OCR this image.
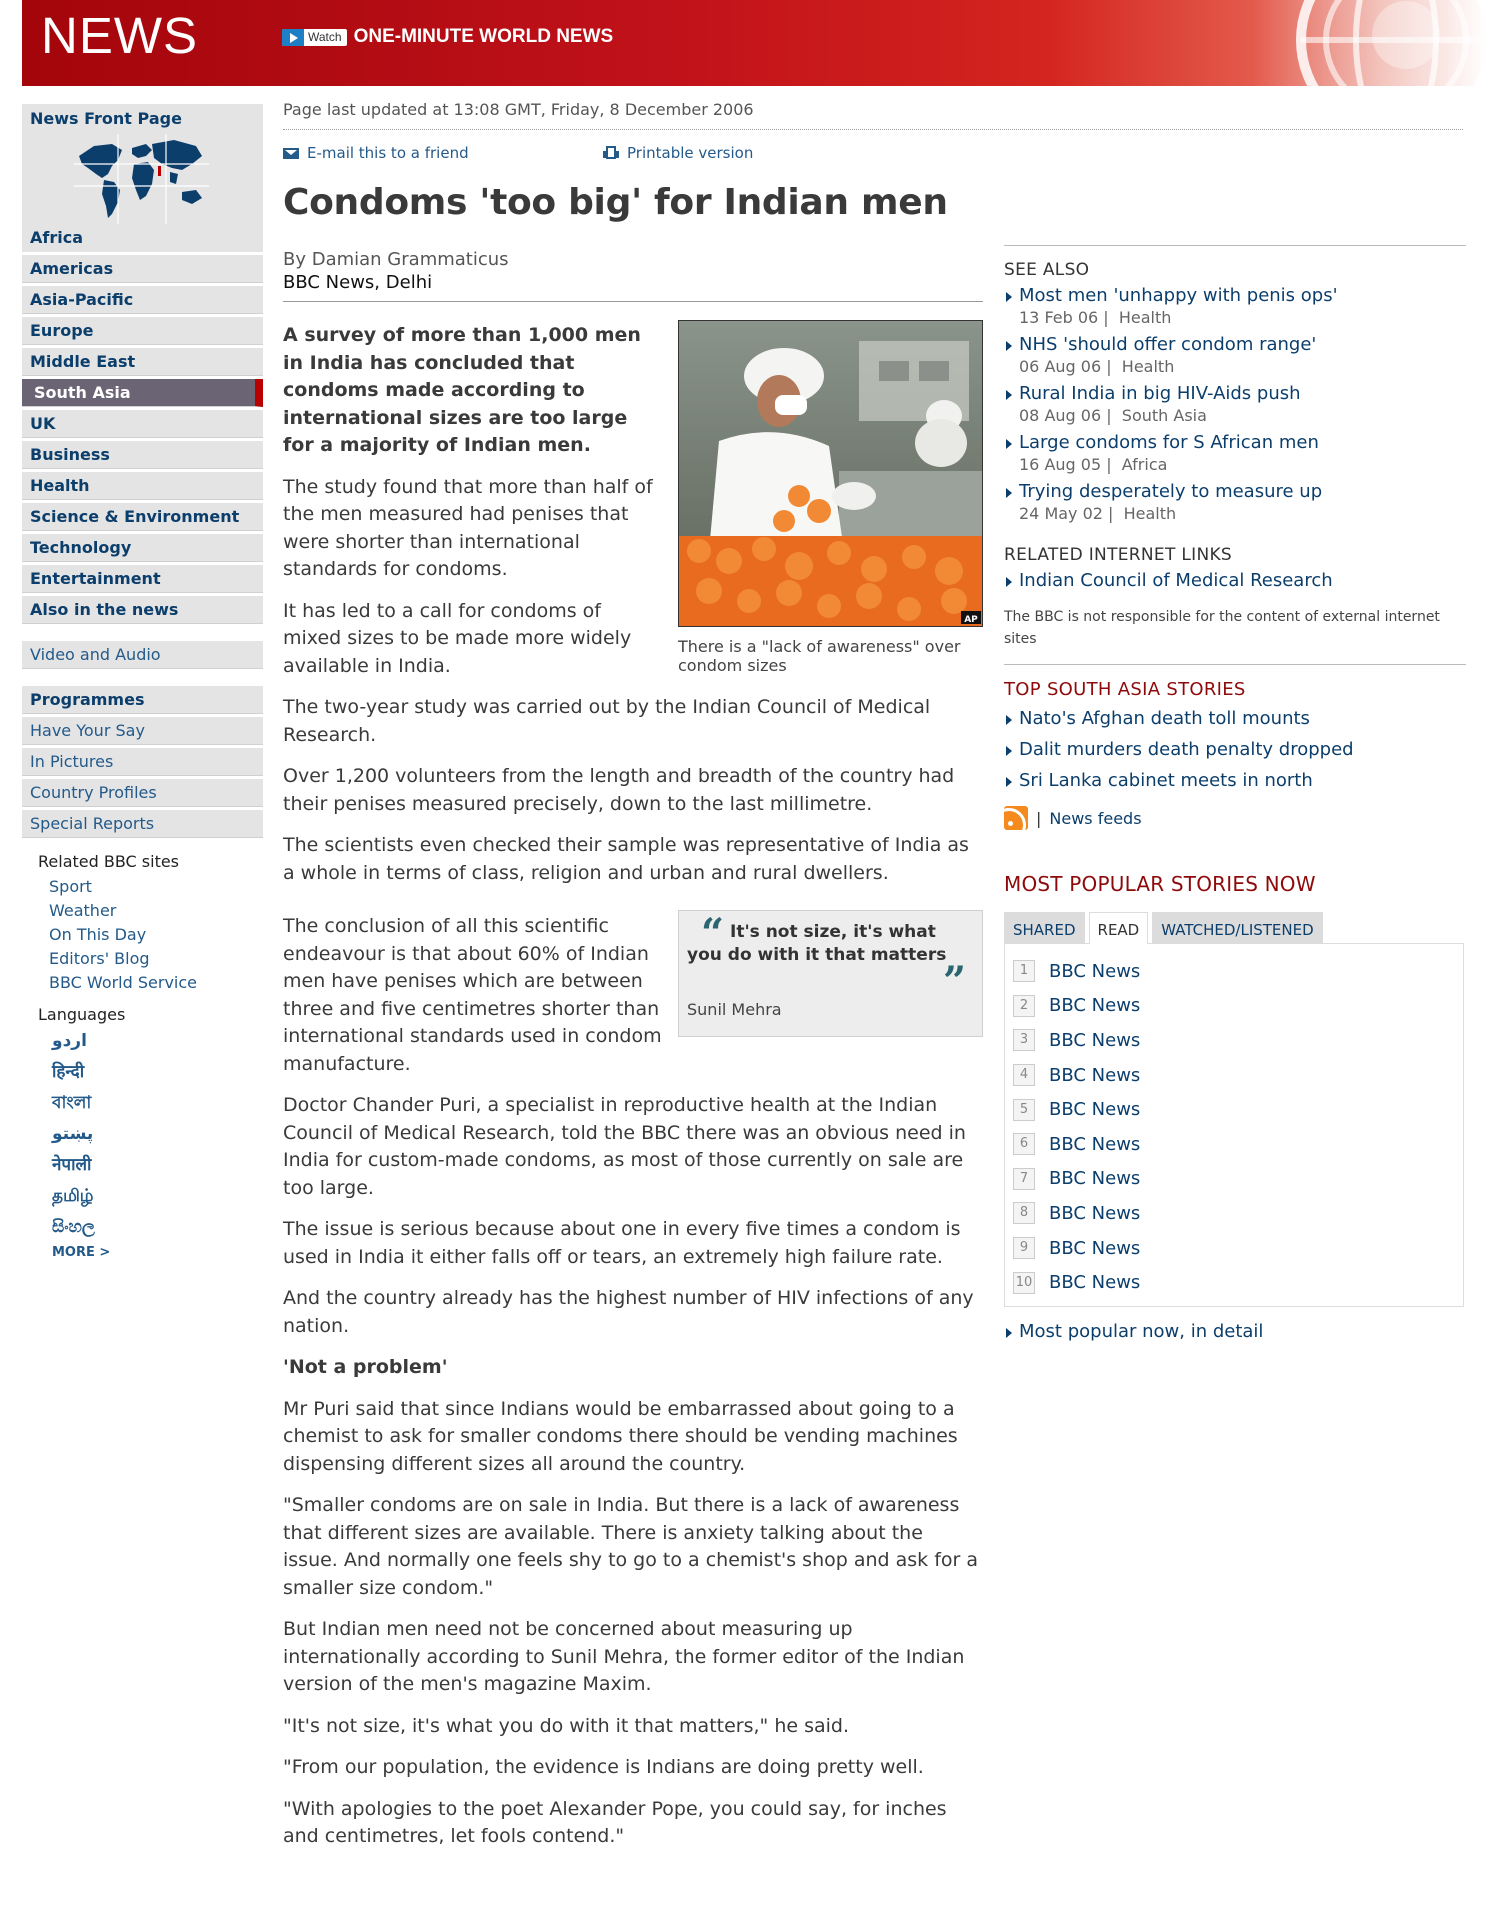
NEWS	Watch ONE-MINUTE WORLD NEWS
News Front Page
Africa
Americas
Asia-Pacific
Europe
Middle East
South Asia
UK
Business
Health
Science & Environment
Technology
Entertainment
Also in the news
Video and Audio
Programmes
Have Your Say
In Pictures
Country Profiles
Special Reports
Related BBC sites
Sport
Weather
On This Day
Editors' Blog
BBC World Service
Languages
اردو
हिन्दी
বাংলা
پښتو
नेपाली
தமிழ்
සිංහල
MORE >
Page last updated at 13:08 GMT, Friday, 8 December 2006
E-mail this to a friend	Printable version
Condoms 'too big' for Indian men
By Damian Grammaticus
BBC News, Delhi
AP
There is a "lack of awareness" over condom sizes

A survey of more than 1,000 men in India has concluded that condoms made according to international sizes are too large for a majority of Indian men.

The study found that more than half of the men measured had penises that were shorter than international standards for condoms.

It has led to a call for condoms of mixed sizes to be made more widely available in India.

The two-year study was carried out by the Indian Council of Medical Research.

Over 1,200 volunteers from the length and breadth of the country had their penises measured precisely, down to the last millimetre.

The scientists even checked their sample was representative of India as a whole in terms of class, religion and urban and rural dwellers.

“ It's not size, it's what you do with it that matters
”
Sunil Mehra

The conclusion of all this scientific endeavour is that about 60% of Indian men have penises which are between three and five centimetres shorter than international standards used in condom manufacture.

Doctor Chander Puri, a specialist in reproductive health at the Indian Council of Medical Research, told the BBC there was an obvious need in India for custom-made condoms, as most of those currently on sale are too large.

The issue is serious because about one in every five times a condom is used in India it either falls off or tears, an extremely high failure rate.

And the country already has the highest number of HIV infections of any nation.

'Not a problem'

Mr Puri said that since Indians would be embarrassed about going to a chemist to ask for smaller condoms there should be vending machines dispensing different sizes all around the country.

"Smaller condoms are on sale in India. But there is a lack of awareness that different sizes are available. There is anxiety talking about the issue. And normally one feels shy to go to a chemist's shop and ask for a smaller size condom."

But Indian men need not be concerned about measuring up internationally according to Sunil Mehra, the former editor of the Indian version of the men's magazine Maxim.

"It's not size, it's what you do with it that matters," he said.

"From our population, the evidence is Indians are doing pretty well.

"With apologies to the poet Alexander Pope, you could say, for inches and centimetres, let fools contend."

SEE ALSO
Most men 'unhappy with penis ops'
13 Feb 06 |  Health
NHS 'should offer condom range'
06 Aug 06 |  Health
Rural India in big HIV-Aids push
08 Aug 06 |  South Asia
Large condoms for S African men
16 Aug 05 |  Africa
Trying desperately to measure up
24 May 02 |  Health
RELATED INTERNET LINKS
Indian Council of Medical Research
The BBC is not responsible for the content of external internet sites
TOP SOUTH ASIA STORIES
Nato's Afghan death toll mounts
Dalit murders death penalty dropped
Sri Lanka cabinet meets in north
| News feeds
MOST POPULAR STORIES NOW
SHARED	READ	WATCHED/LISTENED
1	BBC News
2	BBC News
3	BBC News
4	BBC News
5	BBC News
6	BBC News
7	BBC News
8	BBC News
9	BBC News
10 BBC News
Most popular now, in detail
